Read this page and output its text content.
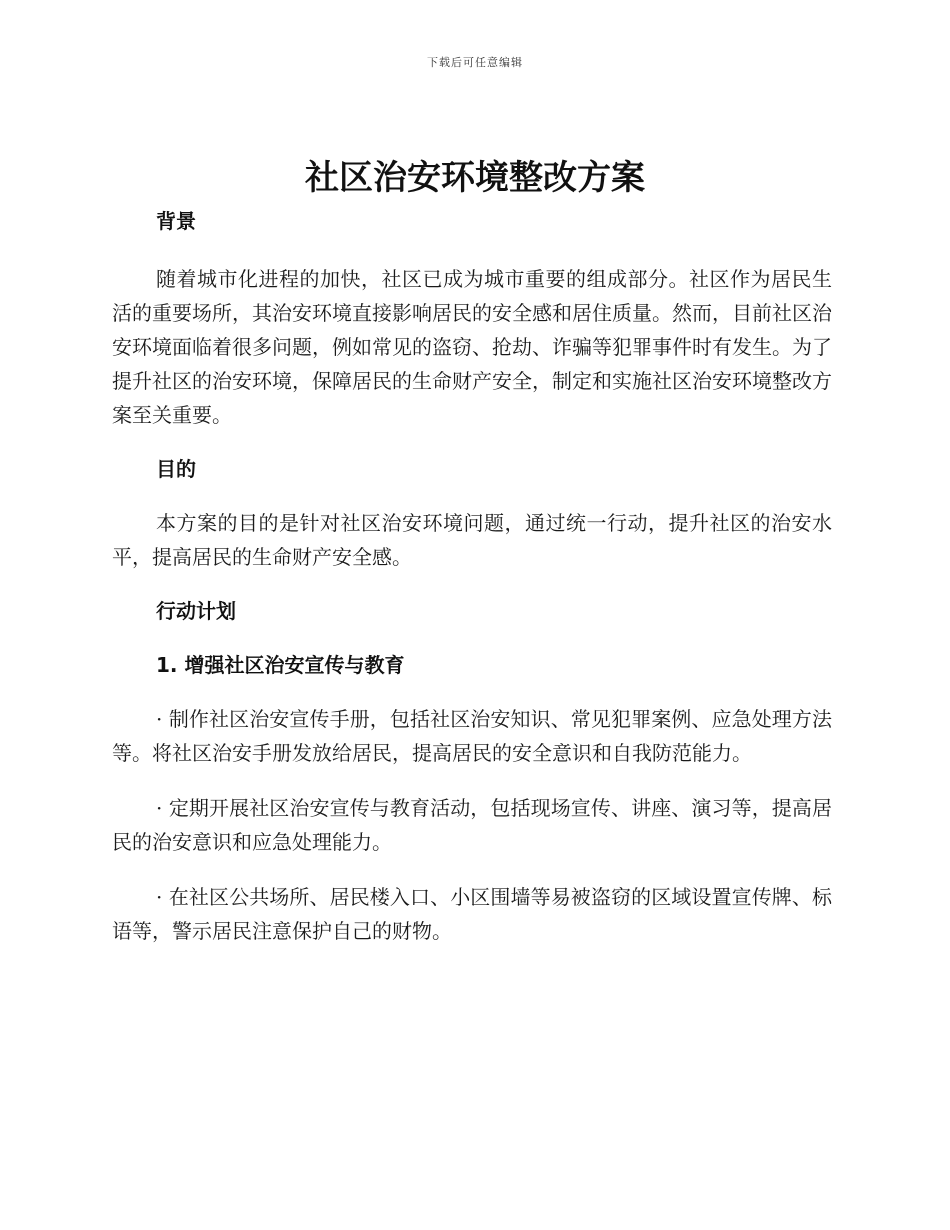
下载后可任意编辑
社区治安环境整改方案

背景

随着城市化进程的加快，社区已成为城市重要的组成部分。社区作为居民生活的重要场所，其治安环境直接影响居民的安全感和居住质量。然而，目前社区治安环境面临着很多问题，例如常见的盗窃、抢劫、诈骗等犯罪事件时有发生。为了提升社区的治安环境，保障居民的生命财产安全，制定和实施社区治安环境整改方案至关重要。

目的

本方案的目的是针对社区治安环境问题，通过统一行动，提升社区的治安水平，提高居民的生命财产安全感。

行动计划

1. 增强社区治安宣传与教育

· 制作社区治安宣传手册，包括社区治安知识、常见犯罪案例、应急处理方法等。将社区治安手册发放给居民，提高居民的安全意识和自我防范能力。

· 定期开展社区治安宣传与教育活动，包括现场宣传、讲座、演习等，提高居民的治安意识和应急处理能力。

· 在社区公共场所、居民楼入口、小区围墙等易被盗窃的区域设置宣传牌、标语等，警示居民注意保护自己的财物。
